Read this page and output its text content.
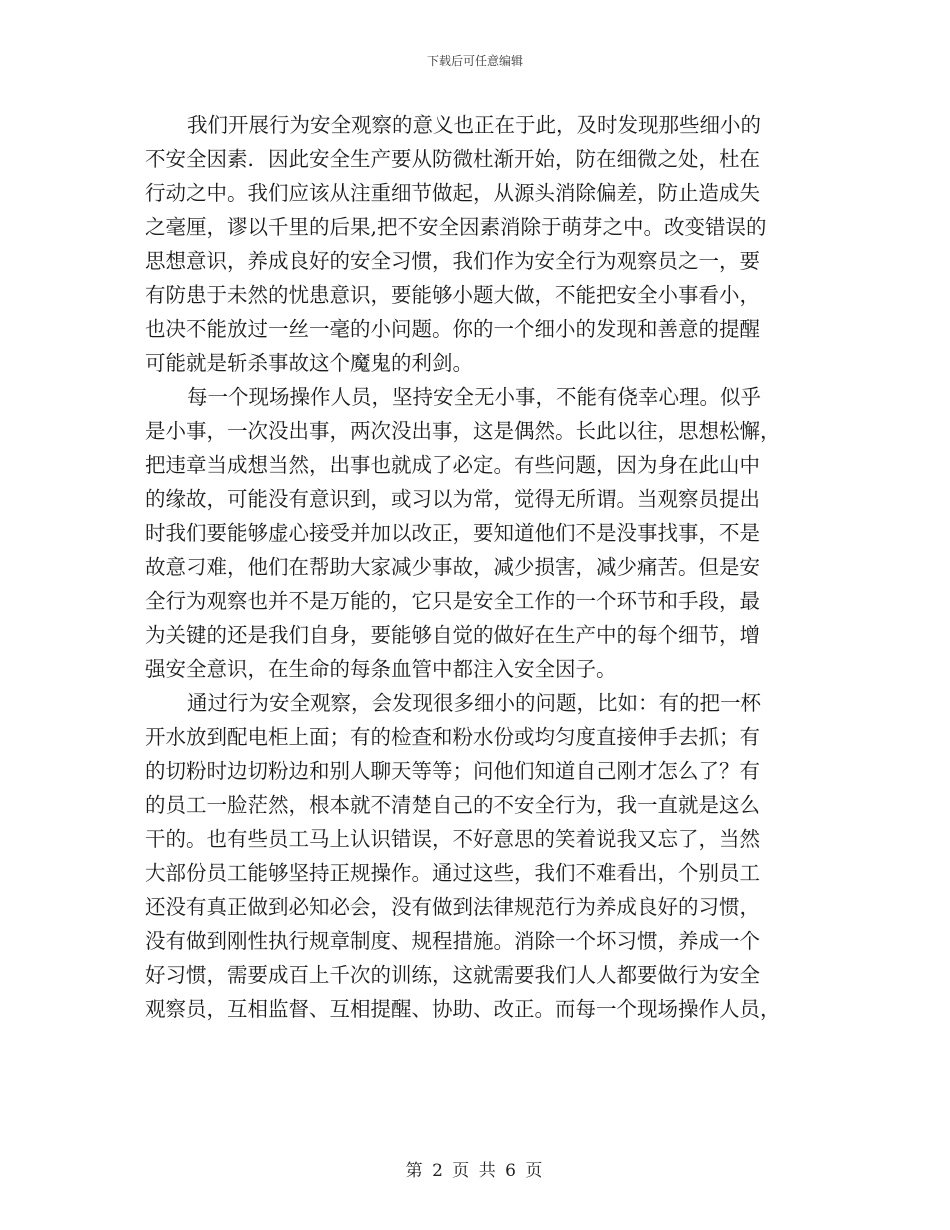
下载后可任意编辑
我们开展行为安全观察的意义也正在于此，及时发现那些细小的
不安全因素．因此安全生产要从防微杜渐开始，防在细微之处，杜在
行动之中。我们应该从注重细节做起，从源头消除偏差，防止造成失
之毫厘，谬以千里的后果,把不安全因素消除于萌芽之中。改变错误的
思想意识，养成良好的安全习惯，我们作为安全行为观察员之一，要
有防患于未然的忧患意识，要能够小题大做，不能把安全小事看小，
也决不能放过一丝一毫的小问题。你的一个细小的发现和善意的提醒
可能就是斩杀事故这个魔鬼的利剑。
每一个现场操作人员，坚持安全无小事，不能有侥幸心理。似乎
是小事，一次没出事，两次没出事，这是偶然。长此以往，思想松懈，
把违章当成想当然，出事也就成了必定。有些问题，因为身在此山中
的缘故，可能没有意识到，或习以为常，觉得无所谓。当观察员提出
时我们要能够虚心接受并加以改正，要知道他们不是没事找事，不是
故意刁难，他们在帮助大家减少事故，减少损害，减少痛苦。但是安
全行为观察也并不是万能的，它只是安全工作的一个环节和手段，最
为关键的还是我们自身，要能够自觉的做好在生产中的每个细节，增
强安全意识，在生命的每条血管中都注入安全因子。
通过行为安全观察，会发现很多细小的问题，比如：有的把一杯
开水放到配电柜上面；有的检查和粉水份或均匀度直接伸手去抓；有
的切粉时边切粉边和别人聊天等等；问他们知道自己刚才怎么了？有
的员工一脸茫然，根本就不清楚自己的不安全行为，我一直就是这么
干的。也有些员工马上认识错误，不好意思的笑着说我又忘了，当然
大部份员工能够坚持正规操作。通过这些，我们不难看出，个别员工
还没有真正做到必知必会，没有做到法律规范行为养成良好的习惯，
没有做到刚性执行规章制度、规程措施。消除一个坏习惯，养成一个
好习惯，需要成百上千次的训练，这就需要我们人人都要做行为安全
观察员，互相监督、互相提醒、协助、改正。而每一个现场操作人员，
第 2 页 共 6 页
